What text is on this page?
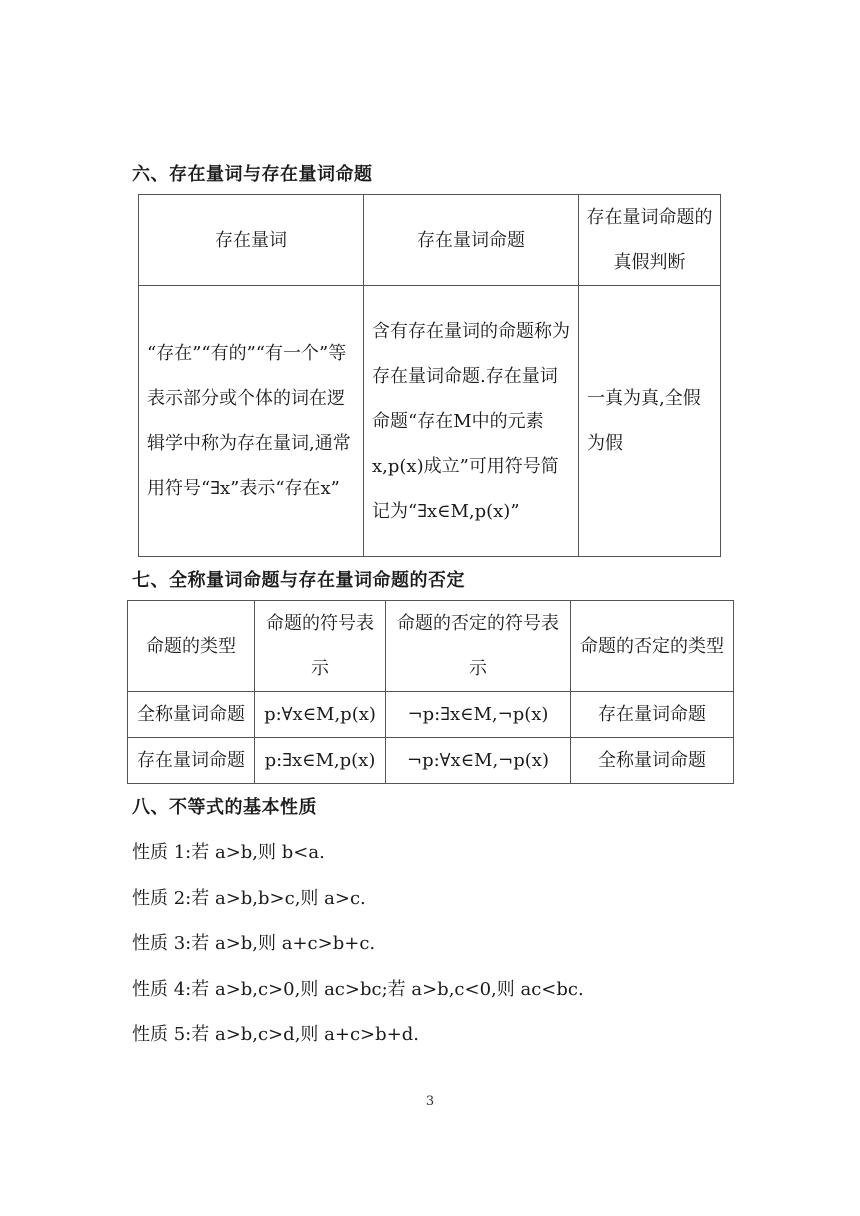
六、存在量词与存在量词命题
存在量词	存在量词命题	存在量词命题的真假判断
“存在”“有的”“有一个”等表示部分或个体的词在逻辑学中称为存在量词,通常用符号“∃x”表示“存在x”	含有存在量词的命题称为存在量词命题.存在量词命题“存在M中的元素x,p(x)成立”可用符号简记为“∃x∈M,p(x)”	一真为真,全假为假
七、全称量词命题与存在量词命题的否定
命题的类型	命题的符号表示	命题的否定的符号表示	命题的否定的类型
全称量词命题	p:∀x∈M,p(x)	¬p:∃x∈M,¬p(x)	存在量词命题
存在量词命题	p:∃x∈M,p(x)	¬p:∀x∈M,¬p(x)	全称量词命题
八、不等式的基本性质
性质 1:若 a>b,则 b<a.
性质 2:若 a>b,b>c,则 a>c.
性质 3:若 a>b,则 a+c>b+c.
性质 4:若 a>b,c>0,则 ac>bc;若 a>b,c<0,则 ac<bc.
性质 5:若 a>b,c>d,则 a+c>b+d.
3
